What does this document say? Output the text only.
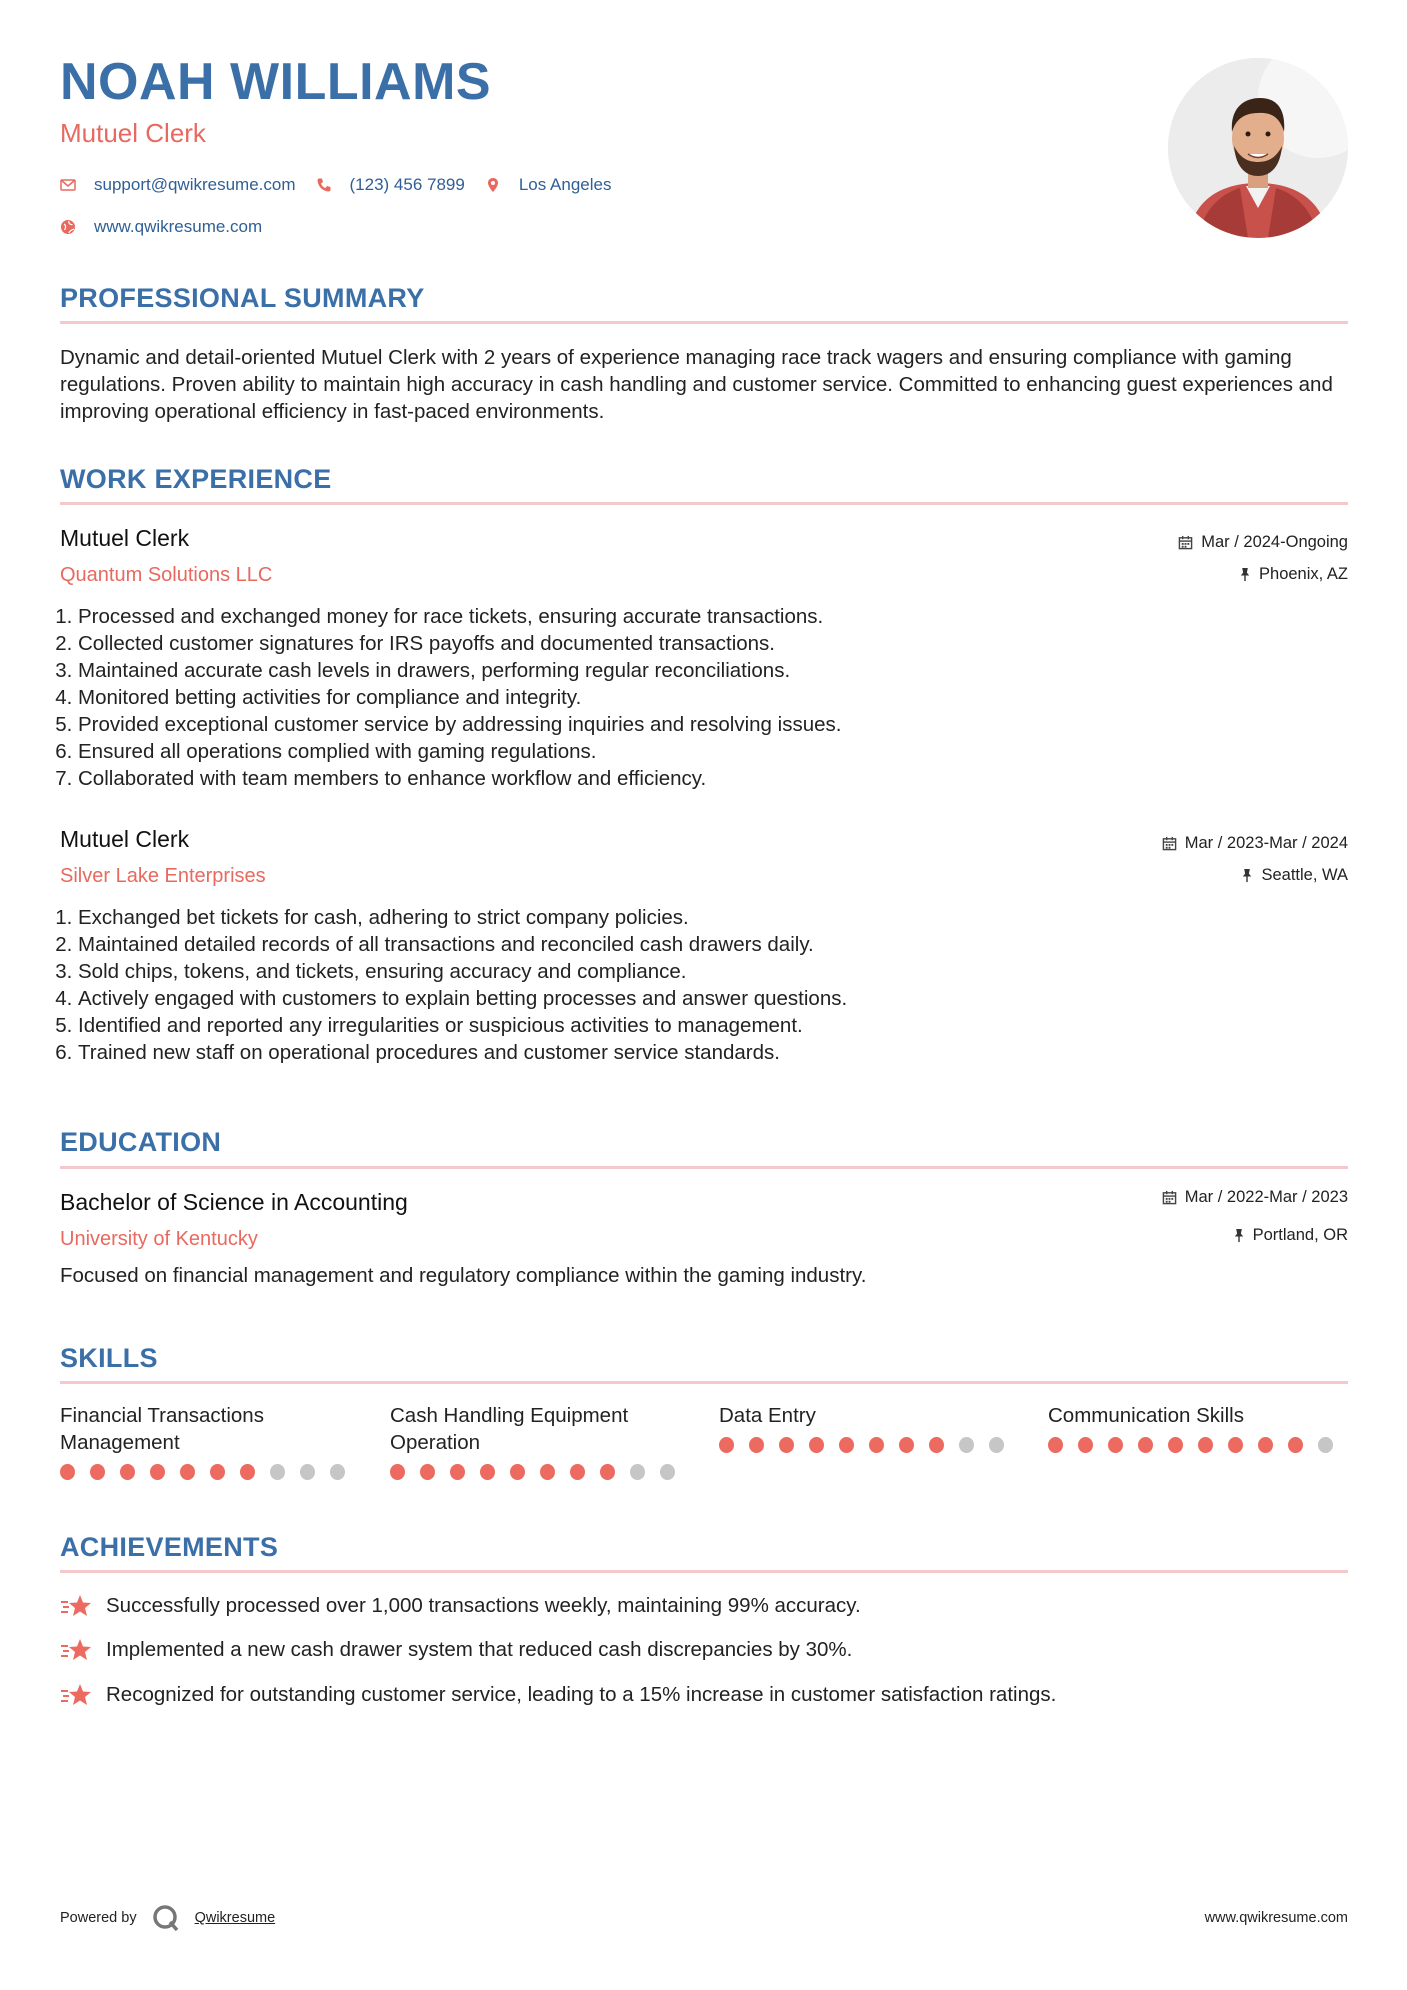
NOAH WILLIAMS
Mutuel Clerk
support@qwikresume.com	(123) 456 7899	Los Angeles
www.qwikresume.com
PROFESSIONAL SUMMARY
Dynamic and detail-oriented Mutuel Clerk with 2 years of experience managing race track wagers and ensuring compliance with gaming regulations. Proven ability to maintain high accuracy in cash handling and customer service. Committed to enhancing guest experiences and improving operational efficiency in fast-paced environments.
WORK EXPERIENCE
Mutuel Clerk
Quantum Solutions LLC
Mar / 2024-Ongoing
Phoenix, AZ
1. Processed and exchanged money for race tickets, ensuring accurate transactions.
2. Collected customer signatures for IRS payoffs and documented transactions.
3. Maintained accurate cash levels in drawers, performing regular reconciliations.
4. Monitored betting activities for compliance and integrity.
5. Provided exceptional customer service by addressing inquiries and resolving issues.
6. Ensured all operations complied with gaming regulations.
7. Collaborated with team members to enhance workflow and efficiency.
Mutuel Clerk
Silver Lake Enterprises
Mar / 2023-Mar / 2024
Seattle, WA
1. Exchanged bet tickets for cash, adhering to strict company policies.
2. Maintained detailed records of all transactions and reconciled cash drawers daily.
3. Sold chips, tokens, and tickets, ensuring accuracy and compliance.
4. Actively engaged with customers to explain betting processes and answer questions.
5. Identified and reported any irregularities or suspicious activities to management.
6. Trained new staff on operational procedures and customer service standards.
EDUCATION
Bachelor of Science in Accounting
University of Kentucky
Mar / 2022-Mar / 2023
Portland, OR
Focused on financial management and regulatory compliance within the gaming industry.
SKILLS
Financial Transactions Management
Cash Handling Equipment Operation
Data Entry	Communication Skills
ACHIEVEMENTS
Successfully processed over 1,000 transactions weekly, maintaining 99% accuracy.
Implemented a new cash drawer system that reduced cash discrepancies by 30%.
Recognized for outstanding customer service, leading to a 15% increase in customer satisfaction ratings.
Powered by	Qwikresume	www.qwikresume.com
